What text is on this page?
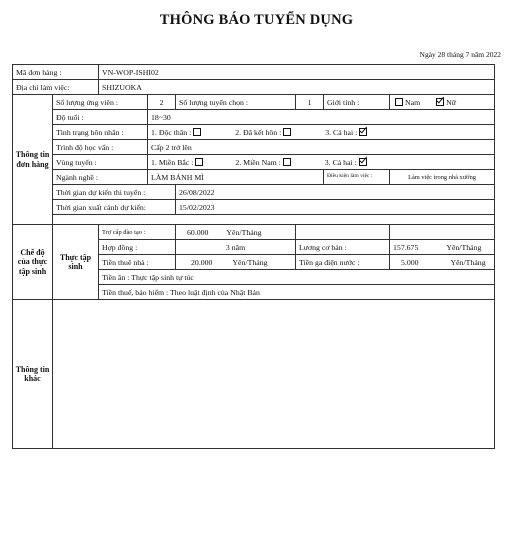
THÔNG BÁO TUYỂN DỤNG
Ngày 28 tháng 7 năm 2022
Mã đơn hàng :		VN-WOP-ISHI02					
Địa chỉ làm việc:		SHIZUOKA					
Thông tin đơn hàng	Số lượng ứng viên :		2	Số lượng tuyển chọn :	1	Giới tính :	Nam Nữ
	Độ tuổi :		18~30				
	Tình trạng hôn nhân :		1. Độc thân : 2. Đã kết hôn : 3. Cả hai :				
	Trình độ học vấn :		Cấp 2 trở lên				
	Vùng tuyển :		1. Miền Bắc : 2. Miền Nam : 3. Cả hai :				
	Ngành nghề :		LÀM BÁNH MÌ			Điều kiện làm việc :	Làm việc trong nhà xưởng
	Thời gian dự kiến thi tuyển :			26/08/2022			
	Thời gian xuất cảnh dự kiến:			15/02/2023			

Chế độ của thực tập sinh	Thực tập sinh	Trợ cấp đào tạo :		60.000 Yên/Tháng			
		Hợp đồng :		3 năm	Lương cơ bản :		157.675 Yên/Tháng
		Tiền thuê nhà :		20.000 Yên/Tháng	Tiền ga điện nước :		5.000 Yên/Tháng
		Tiền ăn : Thực tập sinh tự túc					
		Tiền thuế, bảo hiểm : Theo luật định của Nhật Bản					
Thông tin khác							
